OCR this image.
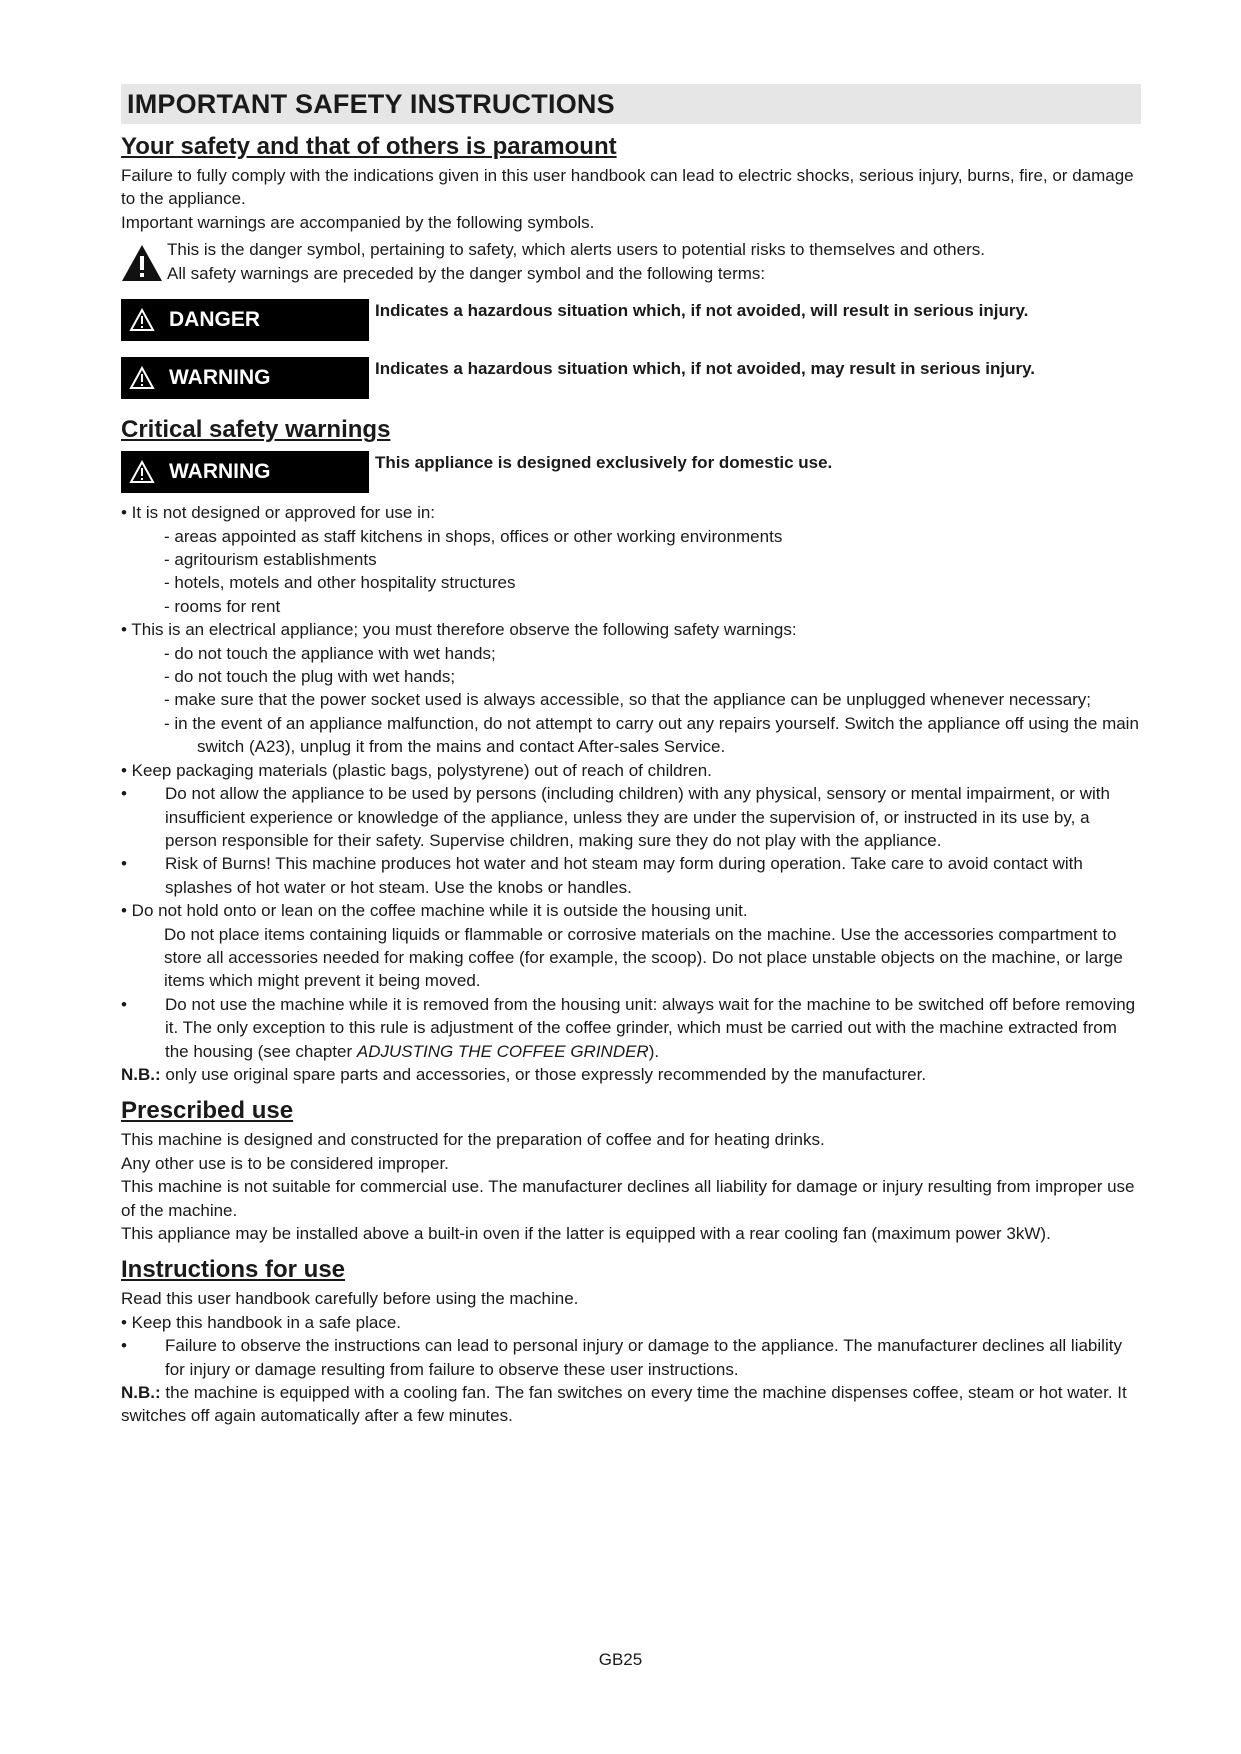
IMPORTANT SAFETY INSTRUCTIONS
Your safety and that of others is paramount

Failure to fully comply with the indications given in this user handbook can lead to electric shocks, serious injury, burns, fire, or damage to the appliance.

Important warnings are accompanied by the following symbols.

This is the danger symbol, pertaining to safety, which alerts users to potential risks to themselves and others.

All safety warnings are preceded by the danger symbol and the following terms:

DANGER	Indicates a hazardous situation which, if not avoided, will result in serious injury.
WARNING	Indicates a hazardous situation which, if not avoided, may result in serious injury.
Critical safety warnings
WARNING	This appliance is designed exclusively for domestic use.

• It is not designed or approved for use in:

- areas appointed as staff kitchens in shops, offices or other working environments

- agritourism establishments

- hotels, motels and other hospitality structures

- rooms for rent

• This is an electrical appliance; you must therefore observe the following safety warnings:

- do not touch the appliance with wet hands;

- do not touch the plug with wet hands;

- make sure that the power socket used is always accessible, so that the appliance can be unplugged whenever necessary;

- in the event of an appliance malfunction, do not attempt to carry out any repairs yourself. Switch the appliance off using the main switch (A23), unplug it from the mains and contact After-sales Service.

• Keep packaging materials (plastic bags, polystyrene) out of reach of children.

•	Do not allow the appliance to be used by persons (including children) with any physical, sensory or mental impairment, or with insufficient experience or knowledge of the appliance, unless they are under the supervision of, or instructed in its use by, a person responsible for their safety. Supervise children, making sure they do not play with the appliance.

•	Risk of Burns! This machine produces hot water and hot steam may form during operation. Take care to avoid contact with splashes of hot water or hot steam. Use the knobs or handles.

• Do not hold onto or lean on the coffee machine while it is outside the housing unit.

Do not place items containing liquids or flammable or corrosive materials on the machine. Use the accessories compartment to store all accessories needed for making coffee (for example, the scoop). Do not place unstable objects on the machine, or large items which might prevent it being moved.

•	Do not use the machine while it is removed from the housing unit: always wait for the machine to be switched off before removing it. The only exception to this rule is adjustment of the coffee grinder, which must be carried out with the machine extracted from the housing (see chapter ADJUSTING THE COFFEE GRINDER).

N.B.: only use original spare parts and accessories, or those expressly recommended by the manufacturer.

Prescribed use

This machine is designed and constructed for the preparation of coffee and for heating drinks.

Any other use is to be considered improper.

This machine is not suitable for commercial use. The manufacturer declines all liability for damage or injury resulting from improper use of the machine.

This appliance may be installed above a built-in oven if the latter is equipped with a rear cooling fan (maximum power 3kW).

Instructions for use

Read this user handbook carefully before using the machine.

• Keep this handbook in a safe place.

•	Failure to observe the instructions can lead to personal injury or damage to the appliance. The manufacturer declines all liability for injury or damage resulting from failure to observe these user instructions.

N.B.: the machine is equipped with a cooling fan. The fan switches on every time the machine dispenses coffee, steam or hot water. It switches off again automatically after a few minutes.

GB25
